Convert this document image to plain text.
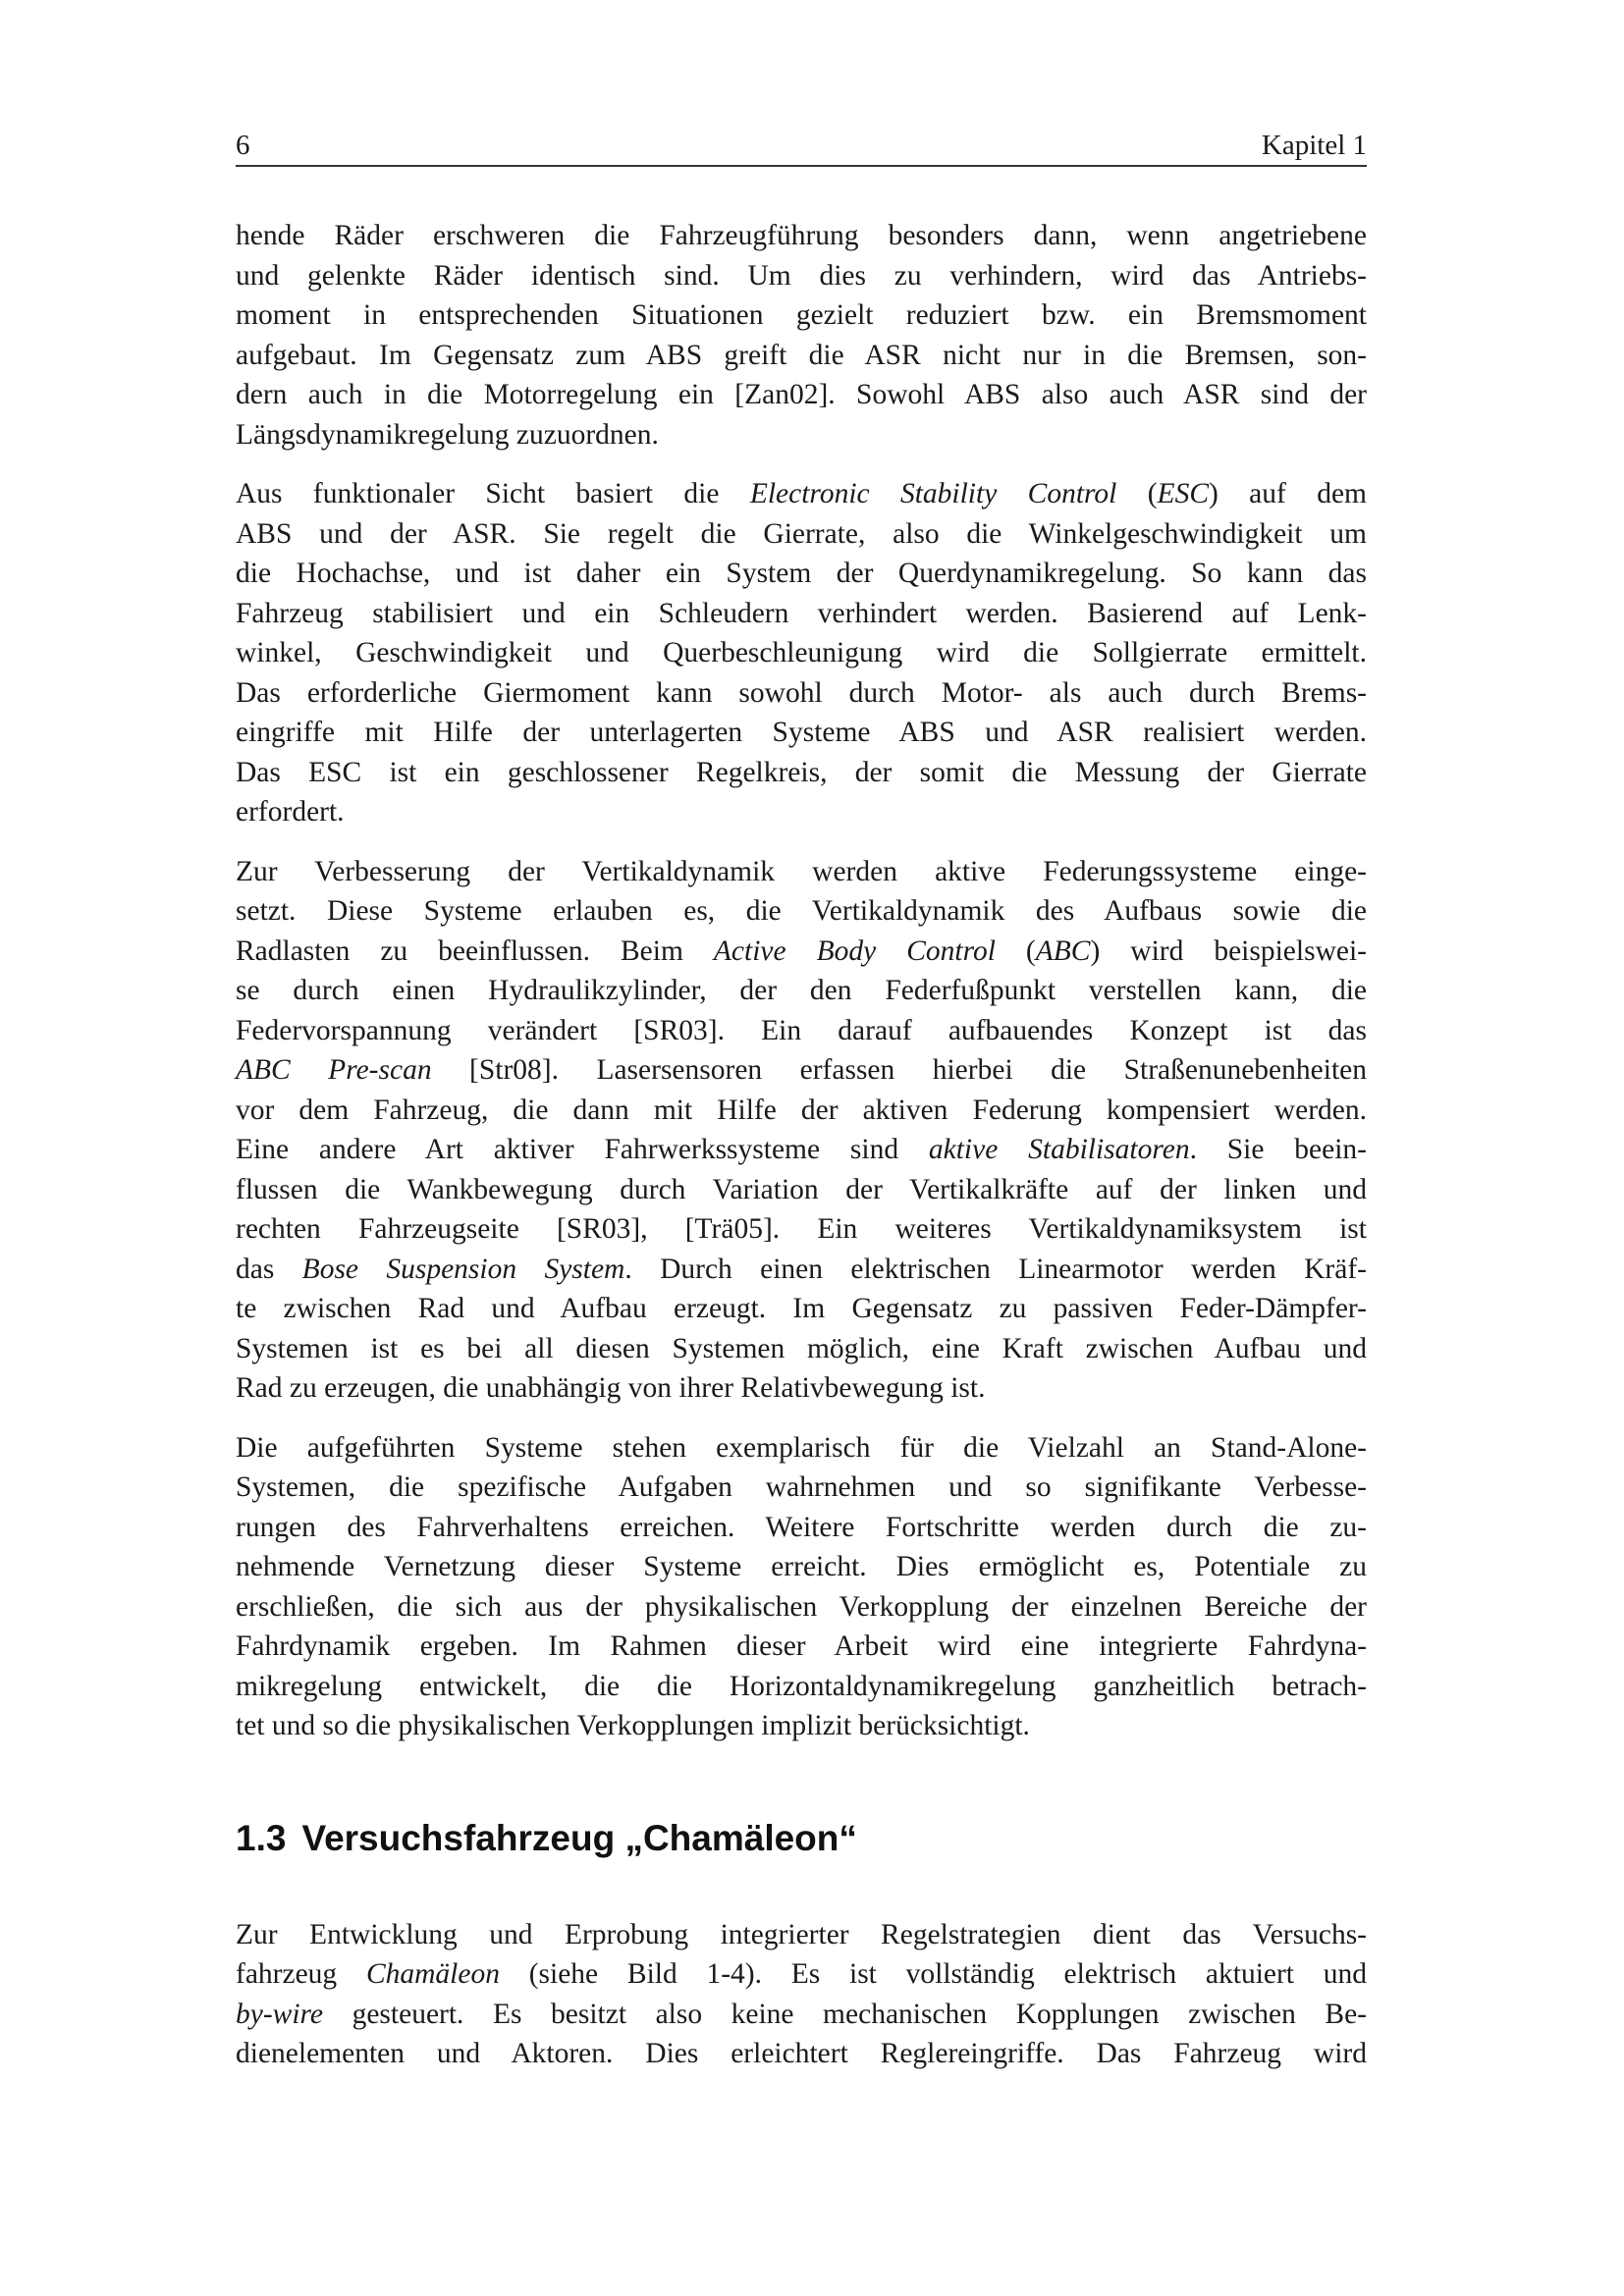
6	Kapitel 1

hende Räder erschweren die Fahrzeugführung besonders dann, wenn angetriebene
und gelenkte Räder identisch sind. Um dies zu verhindern, wird das Antriebs-
moment in entsprechenden Situationen gezielt reduziert bzw. ein Bremsmoment
aufgebaut. Im Gegensatz zum ABS greift die ASR nicht nur in die Bremsen, son-
dern auch in die Motorregelung ein [Zan02]. Sowohl ABS also auch ASR sind der
Längsdynamikregelung zuzuordnen.

Aus funktionaler Sicht basiert die Electronic Stability Control (ESC) auf dem
ABS und der ASR. Sie regelt die Gierrate, also die Winkelgeschwindigkeit um
die Hochachse, und ist daher ein System der Querdynamikregelung. So kann das
Fahrzeug stabilisiert und ein Schleudern verhindert werden. Basierend auf Lenk-
winkel, Geschwindigkeit und Querbeschleunigung wird die Sollgierrate ermittelt.
Das erforderliche Giermoment kann sowohl durch Motor- als auch durch Brems-
eingriffe mit Hilfe der unterlagerten Systeme ABS und ASR realisiert werden.
Das ESC ist ein geschlossener Regelkreis, der somit die Messung der Gierrate
erfordert.

Zur Verbesserung der Vertikaldynamik werden aktive Federungssysteme einge-
setzt. Diese Systeme erlauben es, die Vertikaldynamik des Aufbaus sowie die
Radlasten zu beeinflussen. Beim Active Body Control (ABC) wird beispielswei-
se durch einen Hydraulikzylinder, der den Federfußpunkt verstellen kann, die
Federvorspannung verändert [SR03]. Ein darauf aufbauendes Konzept ist das
ABC Pre-scan [Str08]. Lasersensoren erfassen hierbei die Straßenunebenheiten
vor dem Fahrzeug, die dann mit Hilfe der aktiven Federung kompensiert werden.
Eine andere Art aktiver Fahrwerkssysteme sind aktive Stabilisatoren. Sie beein-
flussen die Wankbewegung durch Variation der Vertikalkräfte auf der linken und
rechten Fahrzeugseite [SR03], [Trä05]. Ein weiteres Vertikaldynamiksystem ist
das Bose Suspension System. Durch einen elektrischen Linearmotor werden Kräf-
te zwischen Rad und Aufbau erzeugt. Im Gegensatz zu passiven Feder-Dämpfer-
Systemen ist es bei all diesen Systemen möglich, eine Kraft zwischen Aufbau und
Rad zu erzeugen, die unabhängig von ihrer Relativbewegung ist.

Die aufgeführten Systeme stehen exemplarisch für die Vielzahl an Stand-Alone-
Systemen, die spezifische Aufgaben wahrnehmen und so signifikante Verbesse-
rungen des Fahrverhaltens erreichen. Weitere Fortschritte werden durch die zu-
nehmende Vernetzung dieser Systeme erreicht. Dies ermöglicht es, Potentiale zu
erschließen, die sich aus der physikalischen Verkopplung der einzelnen Bereiche der
Fahrdynamik ergeben. Im Rahmen dieser Arbeit wird eine integrierte Fahrdyna-
mikregelung entwickelt, die die Horizontaldynamikregelung ganzheitlich betrach-
tet und so die physikalischen Verkopplungen implizit berücksichtigt.

1.3 Versuchsfahrzeug „Chamäleon“

Zur Entwicklung und Erprobung integrierter Regelstrategien dient das Versuchs-
fahrzeug Chamäleon (siehe Bild 1-4). Es ist vollständig elektrisch aktuiert und
by-wire gesteuert. Es besitzt also keine mechanischen Kopplungen zwischen Be-
dienelementen und Aktoren. Dies erleichtert Reglereingriffe. Das Fahrzeug wird
